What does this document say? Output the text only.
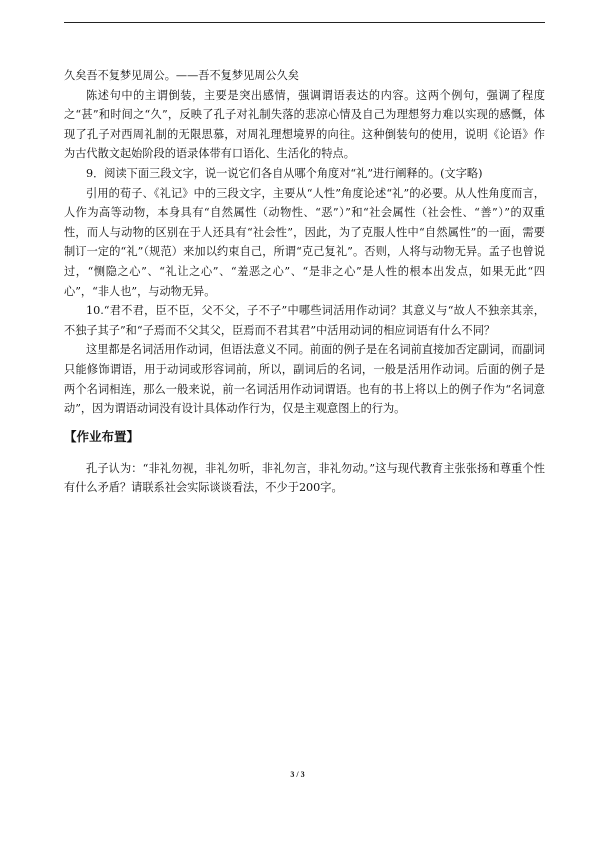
久矣吾不复梦见周公。——吾不复梦见周公久矣

陈述句中的主谓倒装，主要是突出感情，强调谓语表达的内容。这两个例句，强调了程度之“甚”和时间之“久”，反映了孔子对礼制失落的悲凉心情及自己为理想努力难以实现的感慨，体现了孔子对西周礼制的无限思慕，对周礼理想境界的向往。这种倒装句的使用，说明《论语》作为古代散文起始阶段的语录体带有口语化、生活化的特点。

9．阅读下面三段文字，说一说它们各自从哪个角度对“礼”进行阐释的。(文字略)

引用的荀子、《礼记》中的三段文字，主要从“人性”角度论述“礼”的必要。从人性角度而言，人作为高等动物，本身具有“自然属性（动物性、“恶”）”和“社会属性（社会性、“善”）”的双重性，而人与动物的区别在于人还具有“社会性”，因此，为了克服人性中“自然属性”的一面，需要制订一定的“礼”（规范）来加以约束自己，所谓“克己复礼”。否则，人将与动物无异。孟子也曾说过，“恻隐之心”、“礼让之心”、“羞恶之心”、“是非之心”是人性的根本出发点，如果无此“四心”，“非人也”，与动物无异。

10.“君不君，臣不臣，父不父，子不子”中哪些词活用作动词？其意义与“故人不独亲其亲，不独子其子”和“子焉而不父其父，臣焉而不君其君”中活用动词的相应词语有什么不同？

这里都是名词活用作动词，但语法意义不同。前面的例子是在名词前直接加否定副词，而副词只能修饰谓语，用于动词或形容词前，所以，副词后的名词，一般是活用作动词。后面的例子是两个名词相连，那么一般来说，前一名词活用作动词谓语。也有的书上将以上的例子作为“名词意动”，因为谓语动词没有设计具体动作行为，仅是主观意图上的行为。

【作业布置】

孔子认为：“非礼勿视，非礼勿听，非礼勿言，非礼勿动。”这与现代教育主张张扬和尊重个性有什么矛盾？请联系社会实际谈谈看法，不少于200字。

3 / 3
